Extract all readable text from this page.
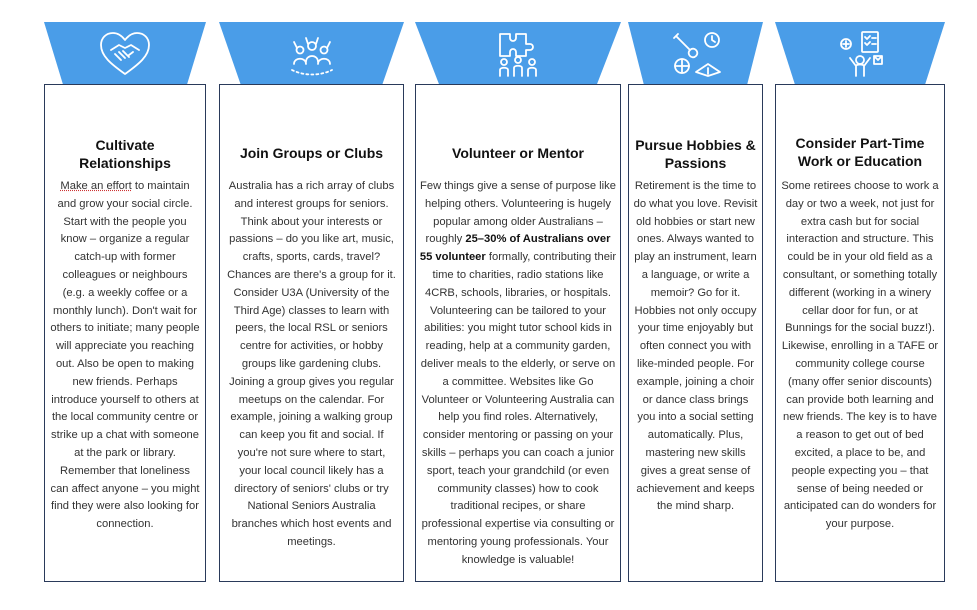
Cultivate Relationships

Make an effort to maintain and grow your social circle. Start with the people you know – organize a regular catch-up with former colleagues or neighbours (e.g. a weekly coffee or a monthly lunch). Don't wait for others to initiate; many people will appreciate you reaching out. Also be open to making new friends. Perhaps introduce yourself to others at the local community centre or strike up a chat with someone at the park or library. Remember that loneliness can affect anyone – you might find they were also looking for connection.

Join Groups or Clubs

Australia has a rich array of clubs and interest groups for seniors. Think about your interests or passions – do you like art, music, crafts, sports, cards, travel? Chances are there's a group for it. Consider U3A (University of the Third Age) classes to learn with peers, the local RSL or seniors centre for activities, or hobby groups like gardening clubs. Joining a group gives you regular meetups on the calendar. For example, joining a walking group can keep you fit and social. If you're not sure where to start, your local council likely has a directory of seniors' clubs or try National Seniors Australia branches which host events and meetings.

Volunteer or Mentor

Few things give a sense of purpose like helping others. Volunteering is hugely popular among older Australians – roughly 25–30% of Australians over 55 volunteer formally, contributing their time to charities, radio stations like 4CRB, schools, libraries, or hospitals. Volunteering can be tailored to your abilities: you might tutor school kids in reading, help at a community garden, deliver meals to the elderly, or serve on a committee. Websites like Go Volunteer or Volunteering Australia can help you find roles. Alternatively, consider mentoring or passing on your skills – perhaps you can coach a junior sport, teach your grandchild (or even community classes) how to cook traditional recipes, or share professional expertise via consulting or mentoring young professionals. Your knowledge is valuable!

Pursue Hobbies & Passions

Retirement is the time to do what you love. Revisit old hobbies or start new ones. Always wanted to play an instrument, learn a language, or write a memoir? Go for it. Hobbies not only occupy your time enjoyably but often connect you with like-minded people. For example, joining a choir or dance class brings you into a social setting automatically. Plus, mastering new skills gives a great sense of achievement and keeps the mind sharp.

Consider Part-Time Work or Education

Some retirees choose to work a day or two a week, not just for extra cash but for social interaction and structure. This could be in your old field as a consultant, or something totally different (working in a winery cellar door for fun, or at Bunnings for the social buzz!). Likewise, enrolling in a TAFE or community college course (many offer senior discounts) can provide both learning and new friends. The key is to have a reason to get out of bed excited, a place to be, and people expecting you – that sense of being needed or anticipated can do wonders for your purpose.
